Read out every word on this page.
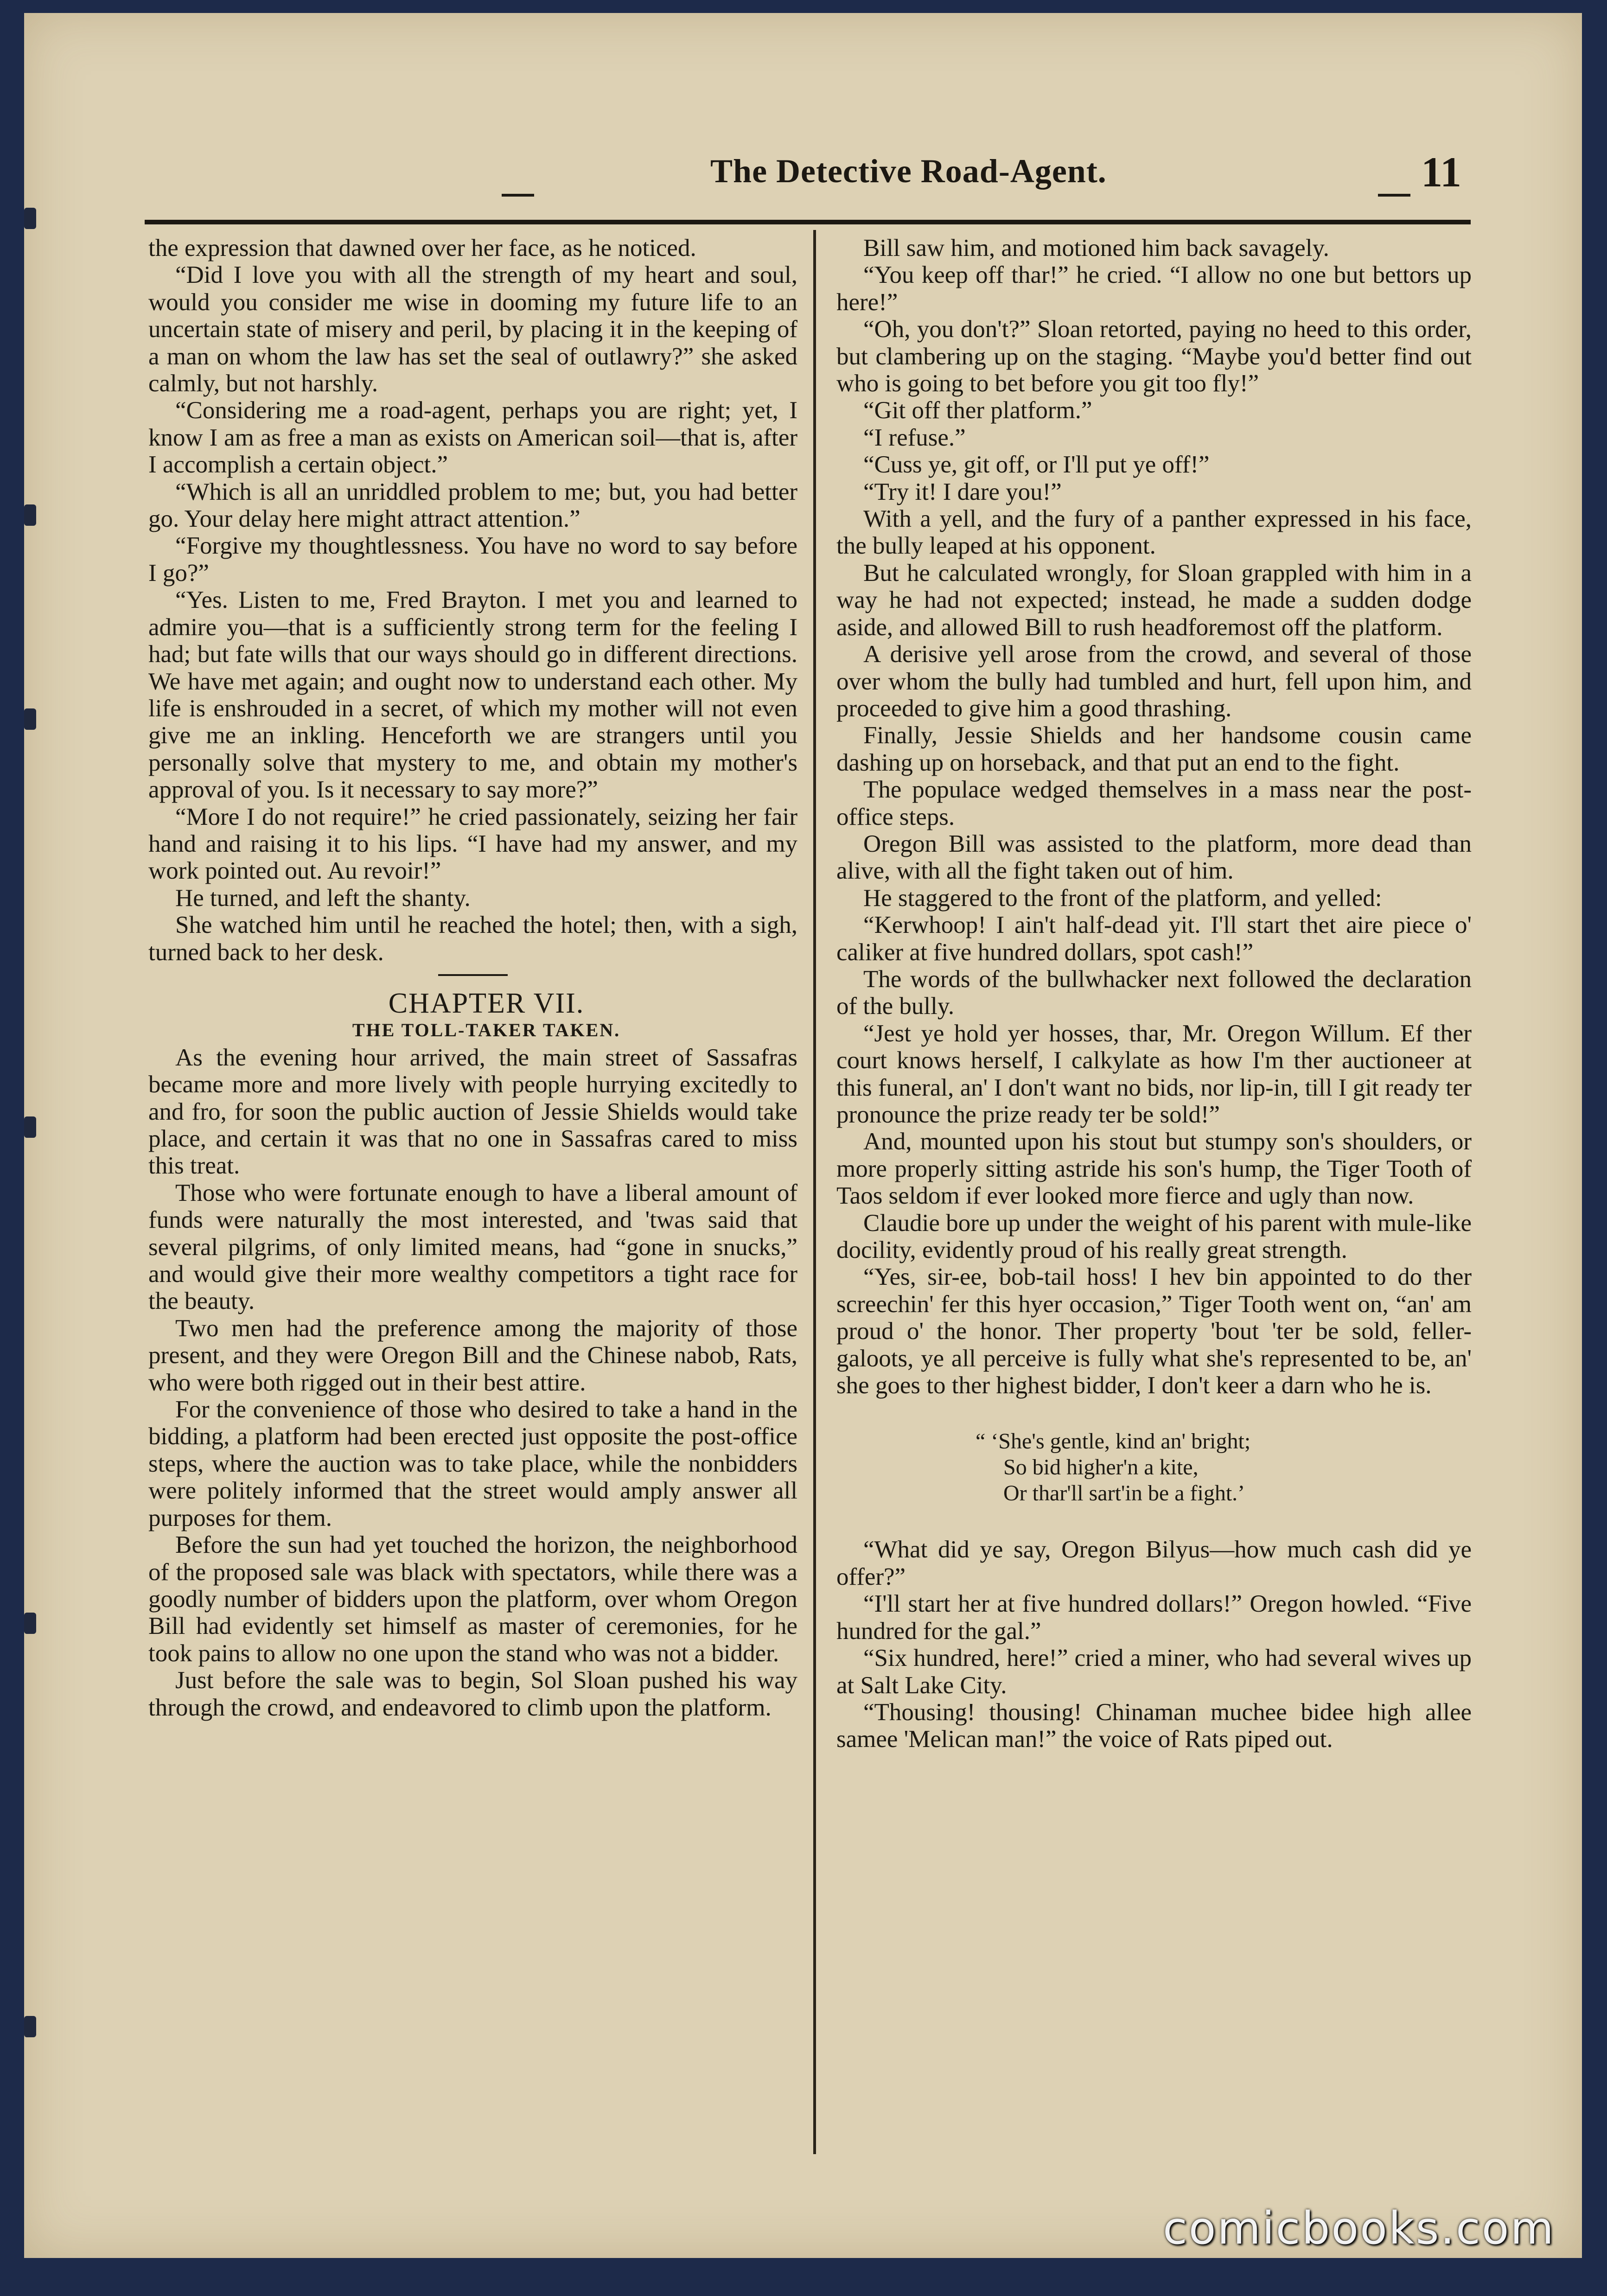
The Detective Road-Agent.	11

the expression that dawned over her face, as he noticed.

“Did I love you with all the strength of my heart and soul, would you consider me wise in dooming my future life to an uncertain state of misery and peril, by placing it in the keeping of a man on whom the law has set the seal of outlawry?” she asked calmly, but not harshly.

“Considering me a road-agent, perhaps you are right; yet, I know I am as free a man as exists on American soil—that is, after I accomplish a certain object.”

“Which is all an unriddled problem to me; but, you had better go. Your delay here might attract attention.”

“Forgive my thoughtlessness. You have no word to say before I go?”

“Yes. Listen to me, Fred Brayton. I met you and learned to admire you—that is a sufficiently strong term for the feeling I had; but fate wills that our ways should go in different directions. We have met again; and ought now to understand each other. My life is enshrouded in a secret, of which my mother will not even give me an inkling. Henceforth we are strangers until you personally solve that mystery to me, and obtain my mother's approval of you. Is it necessary to say more?”

“More I do not require!” he cried passionately, seizing her fair hand and raising it to his lips. “I have had my answer, and my work pointed out. Au revoir!”

He turned, and left the shanty.

She watched him until he reached the hotel; then, with a sigh, turned back to her desk.

CHAPTER VII.

THE TOLL-TAKER TAKEN.

As the evening hour arrived, the main street of Sassafras became more and more lively with people hurrying excitedly to and fro, for soon the public auction of Jessie Shields would take place, and certain it was that no one in Sassafras cared to miss this treat.

Those who were fortunate enough to have a liberal amount of funds were naturally the most interested, and 'twas said that several pilgrims, of only limited means, had “gone in snucks,” and would give their more wealthy competitors a tight race for the beauty.

Two men had the preference among the majority of those present, and they were Oregon Bill and the Chinese nabob, Rats, who were both rigged out in their best attire.

For the convenience of those who desired to take a hand in the bidding, a platform had been erected just opposite the post-office steps, where the auction was to take place, while the nonbidders were politely informed that the street would amply answer all purposes for them.

Before the sun had yet touched the horizon, the neighborhood of the proposed sale was black with spectators, while there was a goodly number of bidders upon the platform, over whom Oregon Bill had evidently set himself as master of ceremonies, for he took pains to allow no one upon the stand who was not a bidder.

Just before the sale was to begin, Sol Sloan pushed his way through the crowd, and endeavored to climb upon the platform.

Bill saw him, and motioned him back savagely.

“You keep off thar!” he cried. “I allow no one but bettors up here!”

“Oh, you don't?” Sloan retorted, paying no heed to this order, but clambering up on the staging. “Maybe you'd better find out who is going to bet before you git too fly!”

“Git off ther platform.”

“I refuse.”

“Cuss ye, git off, or I'll put ye off!”

“Try it! I dare you!”

With a yell, and the fury of a panther expressed in his face, the bully leaped at his opponent.

But he calculated wrongly, for Sloan grappled with him in a way he had not expected; instead, he made a sudden dodge aside, and allowed Bill to rush headforemost off the platform.

A derisive yell arose from the crowd, and several of those over whom the bully had tumbled and hurt, fell upon him, and proceeded to give him a good thrashing.

Finally, Jessie Shields and her handsome cousin came dashing up on horseback, and that put an end to the fight.

The populace wedged themselves in a mass near the post-office steps.

Oregon Bill was assisted to the platform, more dead than alive, with all the fight taken out of him.

He staggered to the front of the platform, and yelled:

“Kerwhoop! I ain't half-dead yit. I'll start thet aire piece o' caliker at five hundred dollars, spot cash!”

The words of the bullwhacker next followed the declaration of the bully.

“Jest ye hold yer hosses, thar, Mr. Oregon Willum. Ef ther court knows herself, I calkylate as how I'm ther auctioneer at this funeral, an' I don't want no bids, nor lip-in, till I git ready ter pronounce the prize ready ter be sold!”

And, mounted upon his stout but stumpy son's shoulders, or more properly sitting astride his son's hump, the Tiger Tooth of Taos seldom if ever looked more fierce and ugly than now.

Claudie bore up under the weight of his parent with mule-like docility, evidently proud of his really great strength.

“Yes, sir-ee, bob-tail hoss! I hev bin appointed to do ther screechin' fer this hyer occasion,” Tiger Tooth went on, “an' am proud o' the honor. Ther property 'bout 'ter be sold, feller-galoots, ye all perceive is fully what she's represented to be, an' she goes to ther highest bidder, I don't keer a darn who he is.

“ ‘She's gentle, kind an' bright;
So bid higher'n a kite,
Or thar'll sart'in be a fight.’

“What did ye say, Oregon Bilyus—how much cash did ye offer?”

“I'll start her at five hundred dollars!” Oregon howled. “Five hundred for the gal.”

“Six hundred, here!” cried a miner, who had several wives up at Salt Lake City.

“Thousing! thousing! Chinaman muchee bidee high allee samee 'Melican man!” the voice of Rats piped out.

comicbooks.com
